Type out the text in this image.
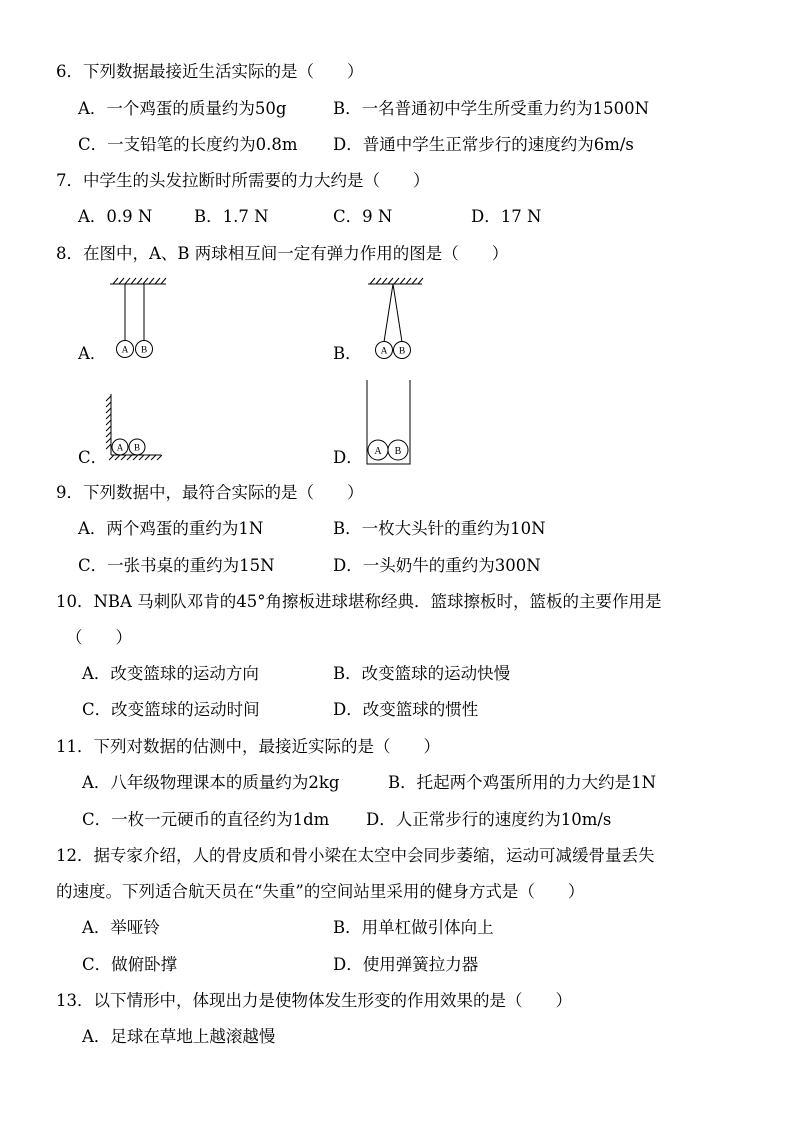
6．下列数据最接近生活实际的是（　　）
A．一个鸡蛋的质量约为50g	B．一名普通初中学生所受重力约为1500N
C．一支铅笔的长度约为0.8m D．普通中学生正常步行的速度约为6m/s
7．中学生的头发拉断时所需要的力大约是（　　）
A．0.9 N	B．1.7 N	C．9 N	D．17 N
8．在图中，A、B 两球相互间一定有弹力作用的图是（　　）
A． A B	B． A B
C．
A B
D． A B
9．下列数据中，最符合实际的是（　　）
A．两个鸡蛋的重约为1N	B．一枚大头针的重约为10N
C．一张书桌的重约为15N	D．一头奶牛的重约为300N
10．NBA 马刺队邓肯的45°角擦板进球堪称经典．篮球擦板时，篮板的主要作用是
（　　）
A．改变篮球的运动方向	B．改变篮球的运动快慢
C．改变篮球的运动时间	D．改变篮球的惯性
11．下列对数据的估测中，最接近实际的是（　　）
A．八年级物理课本的质量约为2kg	B．托起两个鸡蛋所用的力大约是1N
C．一枚一元硬币的直径约为1dm D．人正常步行的速度约为10m/s
12．据专家介绍，人的骨皮质和骨小梁在太空中会同步萎缩，运动可减缓骨量丢失
的速度。下列适合航天员在“失重”的空间站里采用的健身方式是（　　）
A．举哑铃	B．用单杠做引体向上
C．做俯卧撑	D．使用弹簧拉力器
13．以下情形中，体现出力是使物体发生形变的作用效果的是（　　）
A．足球在草地上越滚越慢
